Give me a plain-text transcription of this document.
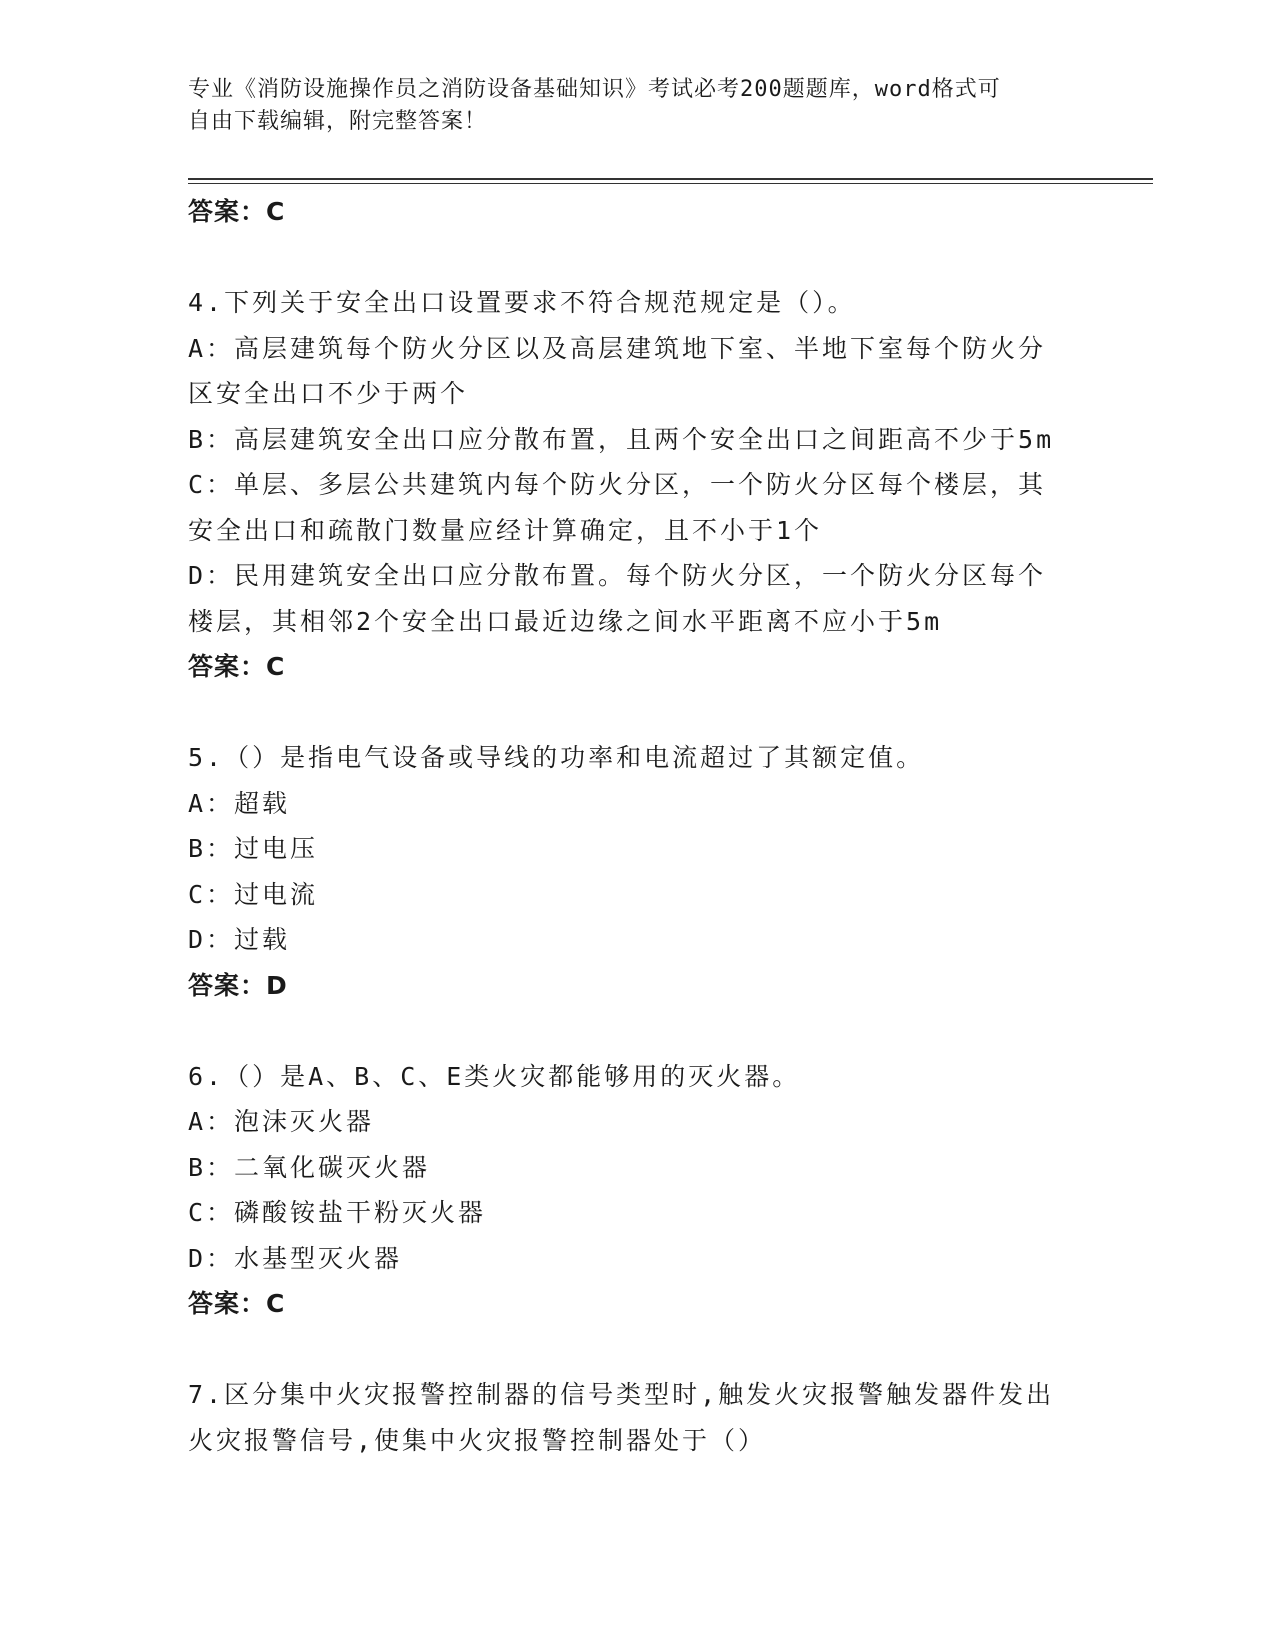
专业《消防设施操作员之消防设备基础知识》考试必考200题题库，word格式可
自由下载编辑，附完整答案！
答案：C
4.下列关于安全出口设置要求不符合规范规定是（）。
A：高层建筑每个防火分区以及高层建筑地下室、半地下室每个防火分
区安全出口不少于两个
B：高层建筑安全出口应分散布置，且两个安全出口之间距高不少于5m
C：单层、多层公共建筑内每个防火分区，一个防火分区每个楼层，其
安全出口和疏散门数量应经计算确定，且不小于1个
D：民用建筑安全出口应分散布置。每个防火分区，一个防火分区每个
楼层，其相邻2个安全出口最近边缘之间水平距离不应小于5m
答案：C
5.（）是指电气设备或导线的功率和电流超过了其额定值。
A：超载
B：过电压
C：过电流
D：过载
答案：D
6.（）是A、B、C、E类火灾都能够用的灭火器。
A：泡沫灭火器
B：二氧化碳灭火器
C：磷酸铵盐干粉灭火器
D：水基型灭火器
答案：C
7.区分集中火灾报警控制器的信号类型时,触发火灾报警触发器件发出
火灾报警信号,使集中火灾报警控制器处于（）
